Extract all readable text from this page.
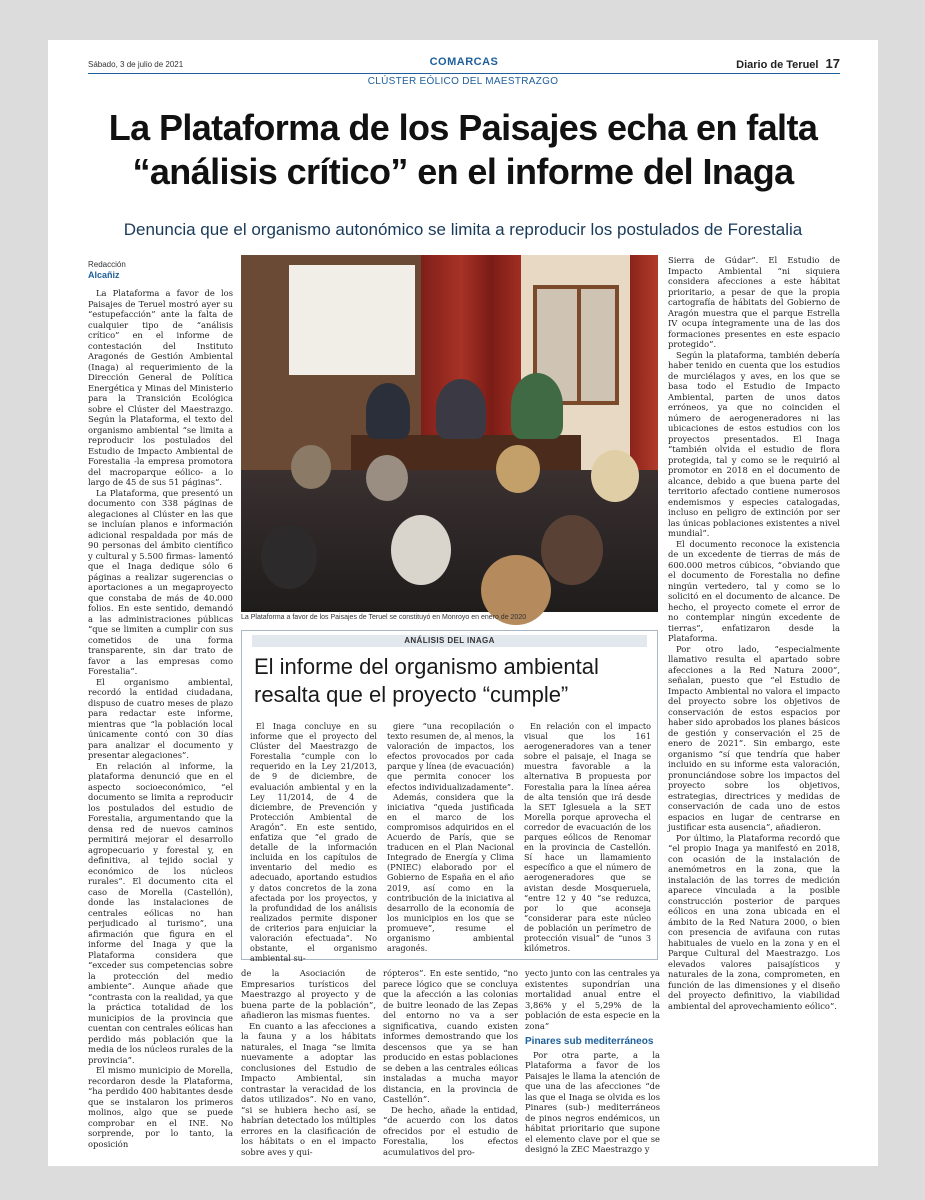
Sábado, 3 de julio de 2021	COMARCAS	Diario de Teruel 17
CLÚSTER EÓLICO DEL MAESTRAZGO
La Plataforma de los Paisajes echa en falta
“análisis crítico” en el informe del Inaga
Denuncia que el organismo autonómico se limita a reproducir los postulados de Forestalia
Redacción
Alcañiz

La Plataforma a favor de los Paisajes de Teruel mostró ayer su “estupefacción” ante la falta de cualquier tipo de “análisis crítico” en el informe de contestación del Instituto Aragonés de Gestión Ambiental (Inaga) al requerimiento de la Dirección General de Política Energética y Minas del Ministerio para la Transición Ecológica sobre el Clúster del Maestrazgo. Según la Plataforma, el texto del organismo ambiental “se limita a reproducir los postulados del Estudio de Impacto Ambiental de Forestalia -la empresa promotora del macroparque eólico- a lo largo de 45 de sus 51 páginas”.

La Plataforma, que presentó un documento con 338 páginas de alegaciones al Clúster en las que se incluían planos e información adicional respaldada por más de 90 personas del ámbito científico y cultural y 5.500 firmas- lamentó que el Inaga dedique sólo 6 páginas a realizar sugerencias o aportaciones a un megaproyecto que constaba de más de 40.000 folios. En este sentido, demandó a las administraciones públicas “que se limiten a cumplir con sus cometidos de una forma transparente, sin dar trato de favor a las empresas como Forestalia”.

El organismo ambiental, recordó la entidad ciudadana, dispuso de cuatro meses de plazo para redactar este informe, mientras que “la población local únicamente contó con 30 días para analizar el documento y presentar alegaciones”.

En relación al informe, la plataforma denunció que en el aspecto socioeconómico, “el documento se limita a reproducir los postulados del estudio de Forestalia, argumentando que la densa red de nuevos caminos permitirá mejorar el desarrollo agropecuario y forestal y, en definitiva, al tejido social y económico de los núcleos rurales”. El documento cita el caso de Morella (Castellón), donde las instalaciones de centrales eólicas no han perjudicado al turismo”, una afirmación que figura en el informe del Inaga y que la Plataforma considera que “exceder sus competencias sobre la protección del medio ambiente”. Aunque añade que “contrasta con la realidad, ya que la práctica totalidad de los municipios de la provincia que cuentan con centrales eólicas han perdido más población que la media de los núcleos rurales de la provincia”.

El mismo municipio de Morella, recordaron desde la Plataforma, “ha perdido 400 habitantes desde que se instalaron los primeros molinos, algo que se puede comprobar en el INE. No sorprende, por lo tanto, la oposición

La Plataforma a favor de los Paisajes de Teruel se constituyó en Monroyo en enero de 2020
ANÁLISIS DEL INAGA
El informe del organismo ambiental resalta que el proyecto “cumple”

El Inaga concluye en su informe que el proyecto del Clúster del Maestrazgo de Forestalia “cumple con lo requerido en la Ley 21/2013, de 9 de diciembre, de evaluación ambiental y en la Ley 11/2014, de 4 de diciembre, de Prevención y Protección Ambiental de Aragón”. En este sentido, enfatiza que “el grado de detalle de la información incluida en los capítulos de inventario del medio es adecuado, aportando estudios y datos concretos de la zona afectada por los proyectos, y la profundidad de los análisis realizados permite disponer de criterios para enjuiciar la valoración efectuada”. No obstante, el organismo ambiental su-

giere “una recopilación o texto resumen de, al menos, la valoración de impactos, los efectos provocados por cada parque y línea (de evacuación) que permita conocer los efectos individualizadamente”.

Además, considera que la iniciativa “queda justificada en el marco de los compromisos adquiridos en el Acuerdo de París, que se traducen en el Plan Nacional Integrado de Energía y Clima (PNIEC) elaborado por el Gobierno de España en el año 2019, así como en la contribución de la iniciativa al desarrollo de la economía de los municipios en los que se promueve”, resume el organismo ambiental aragonés.

En relación con el impacto visual que los 161 aerogeneradores van a tener sobre el paisaje, el Inaga se muestra favorable a la alternativa B propuesta por Forestalia para la línea aérea de alta tensión que irá desde la SET Iglesuela a la SET Morella porque aprovecha el corredor de evacuación de los parques eólicos de Renomar en la provincia de Castellón. Sí hace un llamamiento específico a que el número de aerogeneradores que se avistan desde Mosqueruela, “entre 12 y 40 “se reduzca, por lo que aconseja “considerar para este núcleo de población un perímetro de protección visual” de “unos 3 kilómetros.

de la Asociación de Empresarios turísticos del Maestrazgo al proyecto y de buena parte de la población”, añadieron las mismas fuentes.

En cuanto a las afecciones a la fauna y a los hábitats naturales, el Inaga “se limita nuevamente a adoptar las conclusiones del Estudio de Impacto Ambiental, sin contrastar la veracidad de los datos utilizados”. No en vano, “si se hubiera hecho así, se habrían detectado los múltiples errores en la clasificación de los hábitats o en el impacto sobre aves y qui-

rópteros”. En este sentido, “no parece lógico que se concluya que la afección a las colonias de buitre leonado de las Zepas del entorno no va a ser significativa, cuando existen informes demostrando que los descensos que ya se han producido en estas poblaciones se deben a las centrales eólicas instaladas a mucha mayor distancia, en la provincia de Castellón”.

De hecho, añade la entidad, “de acuerdo con los datos ofrecidos por el estudio de Forestalia, los efectos acumulativos del pro-

yecto junto con las centrales ya existentes supondrían una mortalidad anual entre el 3,86% y el 5,29% de la población de esta especie en la zona”

Pinares sub mediterráneos

Por otra parte, a la Plataforma a favor de los Paisajes le llama la atención de que una de las afecciones “de las que el Inaga se olvida es los Pinares (sub-) mediterráneos de pinos negros endémicos, un hábitat prioritario que supone el elemento clave por el que se designó la ZEC Maestrazgo y

Sierra de Gúdar”. El Estudio de Impacto Ambiental “ni siquiera considera afecciones a este hábitat prioritario, a pesar de que la propia cartografía de hábitats del Gobierno de Aragón muestra que el parque Estrella IV ocupa íntegramente una de las dos formaciones presentes en este espacio protegido”.

Según la plataforma, también debería haber tenido en cuenta que los estudios de murciélagos y aves, en los que se basa todo el Estudio de Impacto Ambiental, parten de unos datos erróneos, ya que no coinciden el número de aerogeneradores ni las ubicaciones de estos estudios con los proyectos presentados. El Inaga “también olvida el estudio de flora protegida, tal y como se le requirió al promotor en 2018 en el documento de alcance, debido a que buena parte del territorio afectado contiene numerosos endemismos y especies catalogadas, incluso en peligro de extinción por ser las únicas poblaciones existentes a nivel mundial”.

El documento reconoce la existencia de un excedente de tierras de más de 600.000 metros cúbicos, “obviando que el documento de Forestalia no define ningún vertedero, tal y como se lo solicitó en el documento de alcance. De hecho, el proyecto comete el error de no contemplar ningún excedente de tierras”, enfatizaron desde la Plataforma.

Por otro lado, “especialmente llamativo resulta el apartado sobre afecciones a la Red Natura 2000”, señalan, puesto que “el Estudio de Impacto Ambiental no valora el impacto del proyecto sobre los objetivos de conservación de estos espacios por haber sido aprobados los planes básicos de gestión y conservación el 25 de enero de 2021”. Sin embargo, este organismo “sí que tendría que haber incluido en su informe esta valoración, pronunciándose sobre los impactos del proyecto sobre los objetivos, estrategias, directrices y medidas de conservación de cada uno de estos espacios en lugar de centrarse en justificar esta ausencia”, añadieron.

Por último, la Plataforma recordó que “el propio Inaga ya manifestó en 2018, con ocasión de la instalación de anemómetros en la zona, que la instalación de las torres de medición aparece vinculada a la posible construcción posterior de parques eólicos en una zona ubicada en el ámbito de la Red Natura 2000, o bien con presencia de avifauna con rutas habituales de vuelo en la zona y en el Parque Cultural del Maestrazgo. Los elevados valores paisajísticos y naturales de la zona, comprometen, en función de las dimensiones y el diseño del proyecto definitivo, la viabilidad ambiental del aprovechamiento eólico”.
